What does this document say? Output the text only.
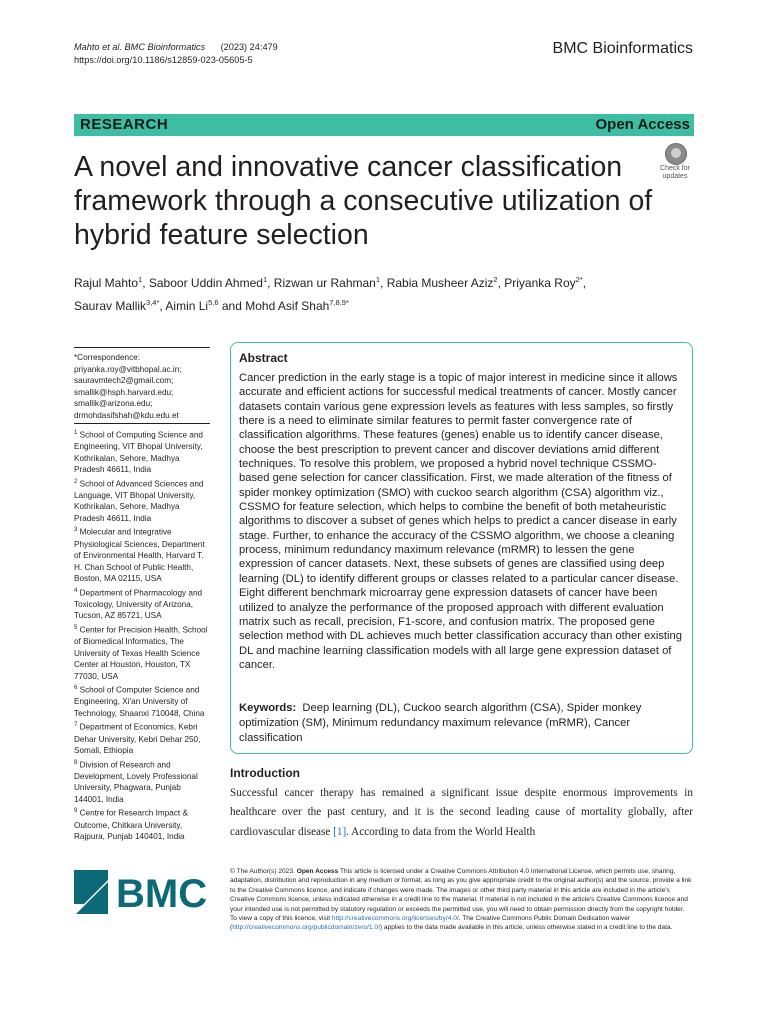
Mahto et al. BMC Bioinformatics (2023) 24:479
https://doi.org/10.1186/s12859-023-05605-5
BMC Bioinformatics
RESEARCH	Open Access
A novel and innovative cancer classification framework through a consecutive utilization of hybrid feature selection
Check for
updates
Rajul Mahto$^1$, Saboor Uddin Ahmed$^1$, Rizwan ur Rahman$^1$, Rabia Musheer Aziz$^2$, Priyanka Roy$^{2*}$,
Saurav Mallik$^{3,4*}$, Aimin Li$^{5,6}$ and Mohd Asif Shah$^{7,8,9*}$
*Correspondence:
priyanka.roy@vitbhopal.ac.in; sauravmtech2@gmail.com; smallik@hsph.harvard.edu; smallik@arizona.edu; drmohdasifshah@kdu.edu.et
$^1$ School of Computing Science and Engineering, VIT Bhopal University, Kothrikalan, Sehore, Madhya Pradesh 46611, India
$^2$ School of Advanced Sciences and Language, VIT Bhopal University, Kothrikalan, Sehore, Madhya Pradesh 46611, India
$^3$ Molecular and Integrative Physiological Sciences, Department of Environmental Health, Harvard T. H. Chan School of Public Health, Boston, MA 02115, USA
$^4$ Department of Pharmacology and Toxicology, University of Arizona, Tucson, AZ 85721, USA
$^5$ Center for Precision Health, School of Biomedical Informatics, The University of Texas Health Science Center at Houston, Houston, TX 77030, USA
$^6$ School of Computer Science and Engineering, Xi'an University of Technology, Shaanxi 710048, China
$^7$ Department of Economics, Kebri Dehar University, Kebri Dehar 250, Somali, Ethiopia
$^8$ Division of Research and Development, Lovely Professional University, Phagwara, Punjab 144001, India
$^9$ Centre for Research Impact & Outcome, Chitkara University, Rajpura, Punjab 140401, India
Abstract
Cancer prediction in the early stage is a topic of major interest in medicine since it allows accurate and efficient actions for successful medical treatments of cancer. Mostly cancer datasets contain various gene expression levels as features with less samples, so firstly there is a need to eliminate similar features to permit faster convergence rate of classification algorithms. These features (genes) enable us to identify cancer disease, choose the best prescription to prevent cancer and discover deviations amid different techniques. To resolve this problem, we proposed a hybrid novel technique CSSMO-based gene selection for cancer classification. First, we made alteration of the fitness of spider monkey optimization (SMO) with cuckoo search algorithm (CSA) algorithm viz., CSSMO for feature selection, which helps to combine the benefit of both metaheuristic algorithms to discover a subset of genes which helps to predict a cancer disease in early stage. Further, to enhance the accuracy of the CSSMO algorithm, we choose a cleaning process, minimum redundancy maximum relevance (mRMR) to lessen the gene expression of cancer datasets. Next, these subsets of genes are classified using deep learning (DL) to identify different groups or classes related to a particular cancer disease. Eight different benchmark microarray gene expression datasets of cancer have been utilized to analyze the performance of the proposed approach with different evaluation matrix such as recall, precision, F1-score, and confusion matrix. The proposed gene selection method with DL achieves much better classification accuracy than other existing DL and machine learning classification models with all large gene expression dataset of cancer.
Keywords: Deep learning (DL), Cuckoo search algorithm (CSA), Spider monkey optimization (SM), Minimum redundancy maximum relevance (mRMR), Cancer classification
Introduction
Successful cancer therapy has remained a significant issue despite enormous improvements in healthcare over the past century, and it is the second leading cause of mortality globally, after cardiovascular disease [1]. According to data from the World Health
BMC
© The Author(s) 2023. Open Access This article is licensed under a Creative Commons Attribution 4.0 International License, which permits use, sharing, adaptation, distribution and reproduction in any medium or format, as long as you give appropriate credit to the original author(s) and the source, provide a link to the Creative Commons licence, and indicate if changes were made. The images or other third party material in this article are included in the article's Creative Commons licence, unless indicated otherwise in a credit line to the material. If material is not included in the article's Creative Commons licence and your intended use is not permitted by statutory regulation or exceeds the permitted use, you will need to obtain permission directly from the copyright holder. To view a copy of this licence, visit http://creativecommons.org/licenses/by/4.0/. The Creative Commons Public Domain Dedication waiver (http://creativecommons.org/publicdomain/zero/1.0/) applies to the data made available in this article, unless otherwise stated in a credit line to the data.
